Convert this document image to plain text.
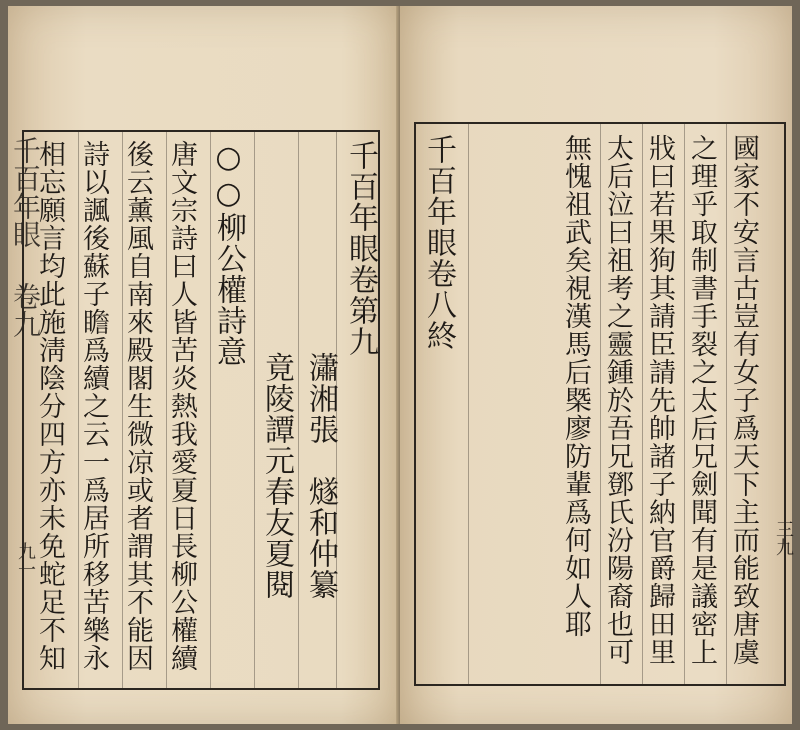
千百年眼
卷九
九一
千百年眼卷第九
瀟湘張　燧和仲纂
竟陵譚元春友夏閱
○○柳公權詩意
唐文宗詩曰人皆苦炎熱我愛夏日長柳公權續
後云薰風自南來殿閣生微凉或者謂其不能因
詩以諷後蘇子瞻爲續之云一爲居所移苦樂永
相忘願言均此施淸陰分四方亦未免蛇足不知	千百年眼卷八終	國家不安言古豈有女子爲天下主而能致唐虞
之理乎取制書手裂之太后兄劍聞有是議密上
戕曰若果狥其請臣請先帥諸子納官爵歸田里
太后泣曰祖考之靈鍾於吾兄鄧氏汾陽裔也可
無愧祖武矣視漢馬后槩廖防輩爲何如人耶	三九
